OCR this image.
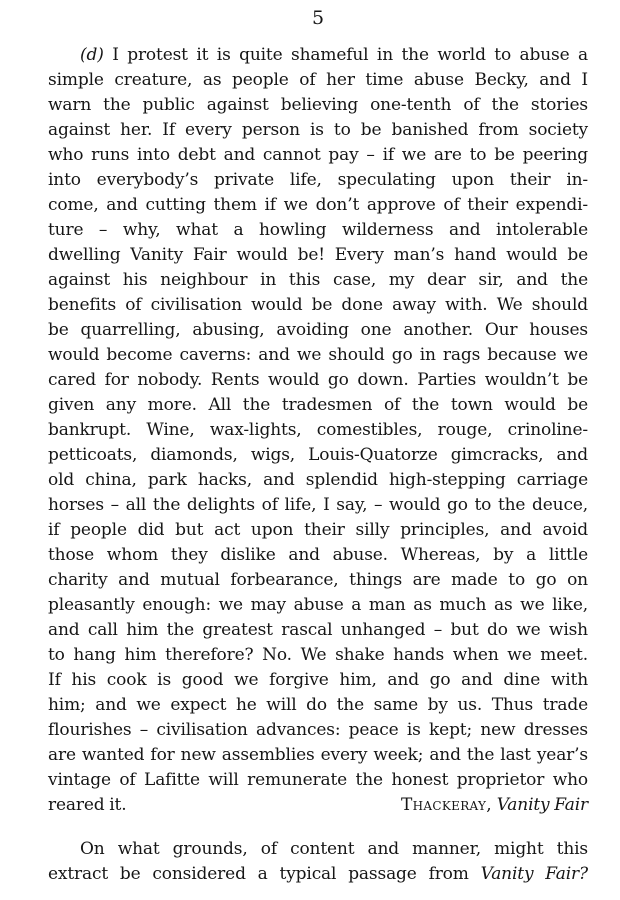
5
(d) I protest it is quite shameful in the world to abuse a
simple creature, as people of her time abuse Becky, and I
warn the public against believing one-tenth of the stories
against her. If every person is to be banished from society
who runs into debt and cannot pay – if we are to be peering
into everybody’s private life, speculating upon their in-
come, and cutting them if we don’t approve of their expendi-
ture – why, what a howling wilderness and intolerable
dwelling Vanity Fair would be! Every man’s hand would be
against his neighbour in this case, my dear sir, and the
benefits of civilisation would be done away with. We should
be quarrelling, abusing, avoiding one another. Our houses
would become caverns: and we should go in rags because we
cared for nobody. Rents would go down. Parties wouldn’t be
given any more. All the tradesmen of the town would be
bankrupt. Wine, wax-lights, comestibles, rouge, crinoline-
petticoats, diamonds, wigs, Louis-Quatorze gimcracks, and
old china, park hacks, and splendid high-stepping carriage
horses – all the delights of life, I say, – would go to the deuce,
if people did but act upon their silly principles, and avoid
those whom they dislike and abuse. Whereas, by a little
charity and mutual forbearance, things are made to go on
pleasantly enough: we may abuse a man as much as we like,
and call him the greatest rascal unhanged – but do we wish
to hang him therefore? No. We shake hands when we meet.
If his cook is good we forgive him, and go and dine with
him; and we expect he will do the same by us. Thus trade
flourishes – civilisation advances: peace is kept; new dresses
are wanted for new assemblies every week; and the last year’s
vintage of Lafitte will remunerate the honest proprietor who
reared it.	Thackeray, Vanity Fair
On what grounds, of content and manner, might this
extract be considered a typical passage from Vanity Fair?
